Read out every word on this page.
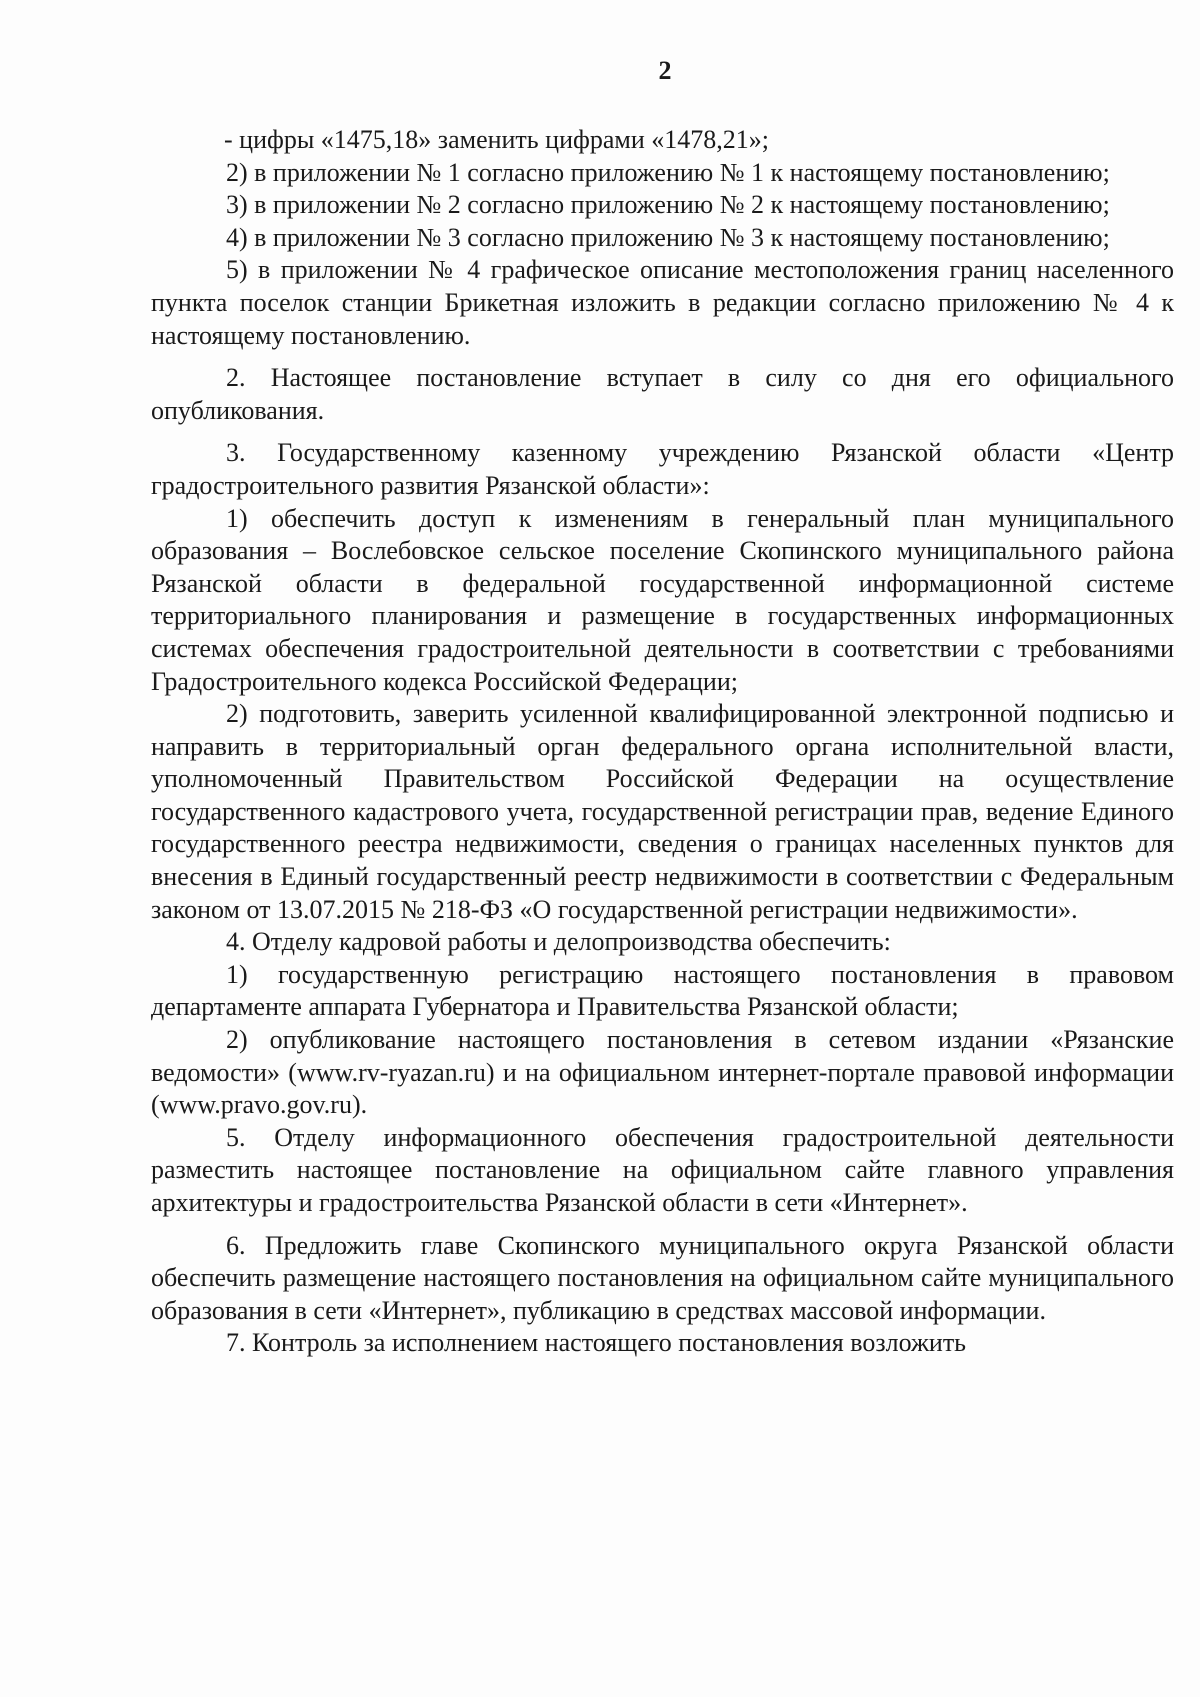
2

- цифры «1475,18» заменить цифрами «1478,21»;

2) в приложении № 1 согласно приложению № 1 к настоящему постановлению;

3) в приложении № 2 согласно приложению № 2 к настоящему постановлению;

4) в приложении № 3 согласно приложению № 3 к настоящему постановлению;

5) в приложении № 4 графическое описание местоположения границ населенного пункта поселок станции Брикетная изложить в редакции согласно приложению № 4 к настоящему постановлению.

2. Настоящее постановление вступает в силу со дня его официального опубликования.

3. Государственному казенному учреждению Рязанской области «Центр градостроительного развития Рязанской области»:

1) обеспечить доступ к изменениям в генеральный план муниципального образования – Вослебовское сельское поселение Скопинского муниципального района Рязанской области в федеральной государственной информационной системе территориального планирования и размещение в государственных информационных системах обеспечения градостроительной деятельности в соответствии с требованиями Градостроительного кодекса Российской Федерации;

2) подготовить, заверить усиленной квалифицированной электронной подписью и направить в территориальный орган федерального органа исполнительной власти, уполномоченный Правительством Российской Федерации на осуществление государственного кадастрового учета, государственной регистрации прав, ведение Единого государственного реестра недвижимости, сведения о границах населенных пунктов для внесения в Единый государственный реестр недвижимости в соответствии с Федеральным законом от 13.07.2015 № 218-ФЗ «О государственной регистрации недвижимости».

4. Отделу кадровой работы и делопроизводства обеспечить:

1) государственную регистрацию настоящего постановления в правовом департаменте аппарата Губернатора и Правительства Рязанской области;

2) опубликование настоящего постановления в сетевом издании «Рязанские ведомости» (www.rv-ryazan.ru) и на официальном интернет-портале правовой информации (www.pravo.gov.ru).

5. Отделу информационного обеспечения градостроительной деятельности разместить настоящее постановление на официальном сайте главного управления архитектуры и градостроительства Рязанской области в сети «Интернет».

6. Предложить главе Скопинского муниципального округа Рязанской области обеспечить размещение настоящего постановления на официальном сайте муниципального образования в сети «Интернет», публикацию в средствах массовой информации.

7. Контроль за исполнением настоящего постановления возложить
